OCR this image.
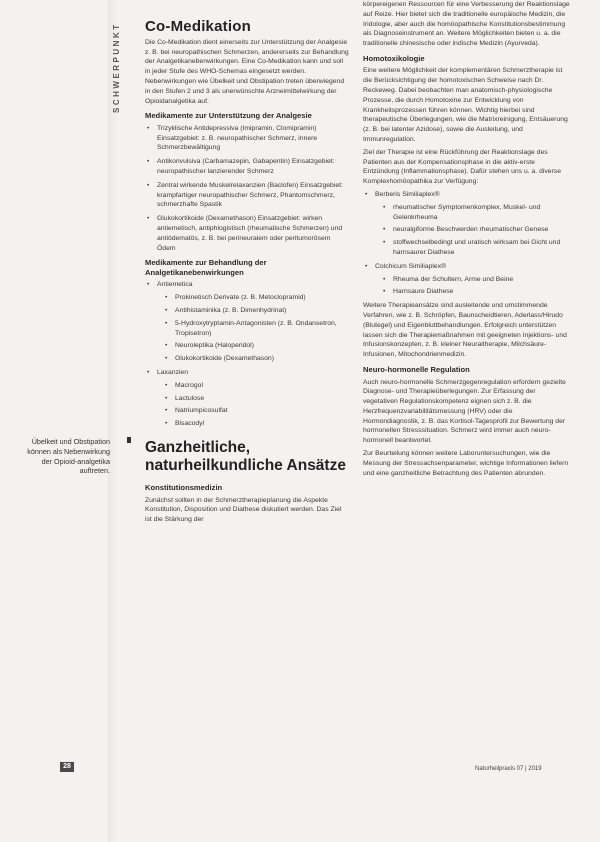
SCHWERPUNKT
Übelkeit und Obstipation können als Nebenwirkung der Opioid-analgetika auftreten.
28
Co-Medikation

Die Co-Medikation dient einerseits zur Unterstützung der Analgesie z. B. bei neuropathischen Schmerzen, andererseits zur Behandlung der Analgetikanebenwirkungen. Eine Co-Medikation kann und soll in jeder Stufe des WHO-Schemas eingesetzt werden. Nebenwirkungen wie Übelkeit und Obstipation treten überwiegend in den Stufen 2 und 3 als unerwünschte Arzneimittelwirkung der Opioidanalgetika auf.

Medikamente zur Unterstützung der Analgesie
• Trizyklische Antidepressiva (Imipramin, Clomipramin) Einsatzgebiet: z. B. neuropathischer Schmerz, innere Schmerzbewältigung
• Antikonvulsiva (Carbamazepin, Gabapentin) Einsatzgebiet: neuropathischer lanzierender Schmerz
• Zentral wirkende Muskelrelaxanzien (Baclofen) Einsatzgebiet: krampfartiger neuropathischer Schmerz, Phantomschmerz, schmerzhafte Spastik
• Glukokortikoide (Dexamethason) Einsatzgebiet: wirken antiemetisch, antiphlogistisch (rheumatische Schmerzen) und antiödematös, z. B. bei perineuralem oder peritumorösem Ödem
Medikamente zur Behandlung der Analgetikanebenwirkungen
• Antiemetica
• Prokinetisch Derivate (z. B. Metoclopramid)
• Antihistaminika (z. B. Dimenhydrinat)
• 5-Hydroxytryptamin-Antagonisten (z. B. Ondansetron, Tropisetron)
• Neuroleptika (Haloperidol)
• Glukokortikoide (Dexamethason)
• Laxanzien
• Macrogol
• Lactulose
• Natriumpicosulfat
• Bisacodyl
Ganzheitliche, naturheilkundliche Ansätze
Konstitutionsmedizin

Zunächst sollten in der Schmerztherapieplanung die Aspekte Konstitution, Disposition und Diathese diskutiert werden. Das Ziel ist die Stärkung der

körpereigenen Ressourcen für eine Verbesserung der Reaktionslage auf Reize. Hier bietet sich die traditionelle europäische Medizin, die Iridologie, aber auch die homöopathische Konstitutionsbestimmung als Diagnoseinstrument an. Weitere Möglichkeiten bieten u. a. die traditionelle chinesische oder indische Medizin (Ayurveda).

Homotoxikologie

Eine weitere Möglichkeit der komplementären Schmerztherapie ist die Berücksichtigung der homotoxischen Schweise nach Dr. Reckeweg. Dabei beobachten man anatomisch-physiologische Prozesse, die durch Homotoxine zur Entwicklung von Krankheitsprozessen führen können. Wichtig hierbei sind therapeutische Überlegungen, wie die Matrixreinigung, Entsäuerung (z. B. bei latenter Azidose), sowie die Ausleitung, und Immunregulation.

Ziel der Therapie ist eine Rückführung der Reaktionslage des Patienten aus der Kompensationsphase in die aktiv-erste Entzündung (Inflammationsphase). Dafür stehen uns u. a. diverse Komplexhomöopathika zur Verfügung:

• Berberis Similiaplex®
• rheumatischer Symptomenkomplex, Muskel- und Gelenkrheuma
• neuralgiforme Beschwerden rheumatischer Genese
• stoffwechselbedingt und uratisch wirksam bei Gicht und harnsaurer Diathese
• Colchicum Similiaplex®
• Rheuma der Schultern, Arme und Beine
• Harnsaure Diathese

Weitere Therapieansätze sind ausleitende und umstimmende Verfahren, wie z. B. Schröpfen, Baunscheidtieren, Aderlass/Hirudo (Blutegel) und Eigenbluttbehandlungen. Erfolgreich unterstützen lassen sich die Therapiemaßnahmen mit geeigneten Injektions- und Infusionskonzepten, z. B. kleiner Neuraltherapie, Milchsäure-Infusionen, Mitochondrienmedizin.

Neuro-hormonelle Regulation

Auch neuro-hormonelle Schmerzgegenregulation erfordern gezielte Diagnose- und Therapieüberlegungen. Zur Erfassung der vegetativen Regulationskompetenz eignen sich z. B. die Herzfrequenzvariabilitätsmessung (HRV) oder die Hormondiagnostik, z. B. das Kortisol-Tagesprofil zur Bewertung der hormonellen Stresssituation. Schmerz wird immer auch neuro-hormonell beantwortet.

Zur Beurteilung können weitere Laboruntersuchungen, wie die Messung der Stressachsenparameter, wichtige Informationen liefern und eine ganzheitliche Betrachtung des Patienten abrunden.

Naturheilpraxis 07 | 2019
